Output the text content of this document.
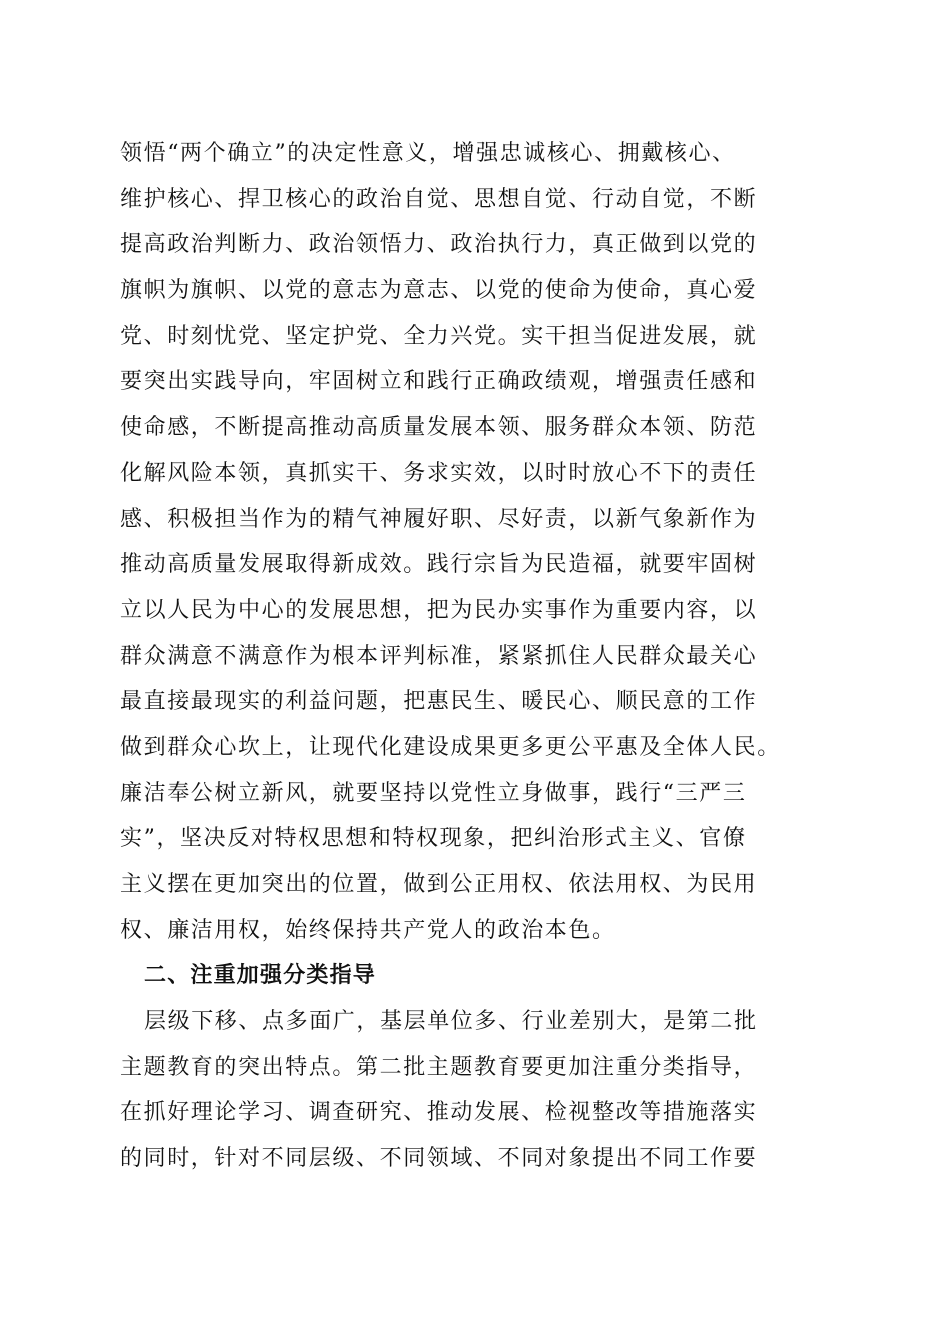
领悟“两个确立”的决定性意义，增强忠诚核心、拥戴核心、
维护核心、捍卫核心的政治自觉、思想自觉、行动自觉，不断
提高政治判断力、政治领悟力、政治执行力，真正做到以党的
旗帜为旗帜、以党的意志为意志、以党的使命为使命，真心爱
党、时刻忧党、坚定护党、全力兴党。实干担当促进发展，就
要突出实践导向，牢固树立和践行正确政绩观，增强责任感和
使命感，不断提高推动高质量发展本领、服务群众本领、防范
化解风险本领，真抓实干、务求实效，以时时放心不下的责任
感、积极担当作为的精气神履好职、尽好责，以新气象新作为
推动高质量发展取得新成效。践行宗旨为民造福，就要牢固树
立以人民为中心的发展思想，把为民办实事作为重要内容，以
群众满意不满意作为根本评判标准，紧紧抓住人民群众最关心
最直接最现实的利益问题，把惠民生、暖民心、顺民意的工作
做到群众心坎上，让现代化建设成果更多更公平惠及全体人民。
廉洁奉公树立新风，就要坚持以党性立身做事，践行“三严三
实”，坚决反对特权思想和特权现象，把纠治形式主义、官僚
主义摆在更加突出的位置，做到公正用权、依法用权、为民用
权、廉洁用权，始终保持共产党人的政治本色。
二、注重加强分类指导
层级下移、点多面广，基层单位多、行业差别大，是第二批
主题教育的突出特点。第二批主题教育要更加注重分类指导，
在抓好理论学习、调查研究、推动发展、检视整改等措施落实
的同时，针对不同层级、不同领域、不同对象提出不同工作要
